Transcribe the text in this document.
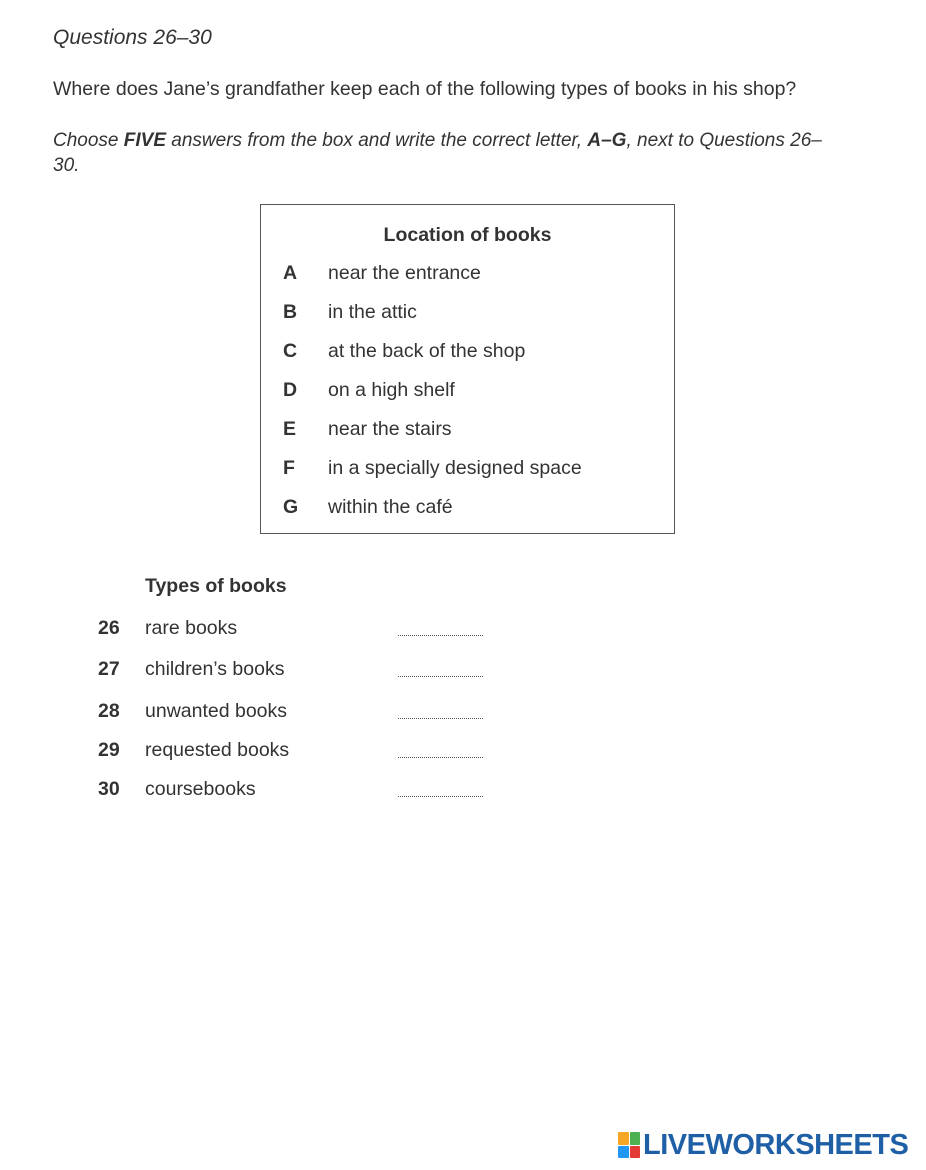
Questions 26–30
Where does Jane’s grandfather keep each of the following types of books in his shop?
Choose FIVE answers from the box and write the correct letter, A–G, next to Questions 26–30.
Location of books
A near the entrance
B in the attic
C at the back of the shop
D on a high shelf
E near the stairs
F in a specially designed space
G within the café
Types of books
26 rare books
27 children’s books
28 unwanted books
29 requested books
30 coursebooks
LIVEWORKSHEETS
